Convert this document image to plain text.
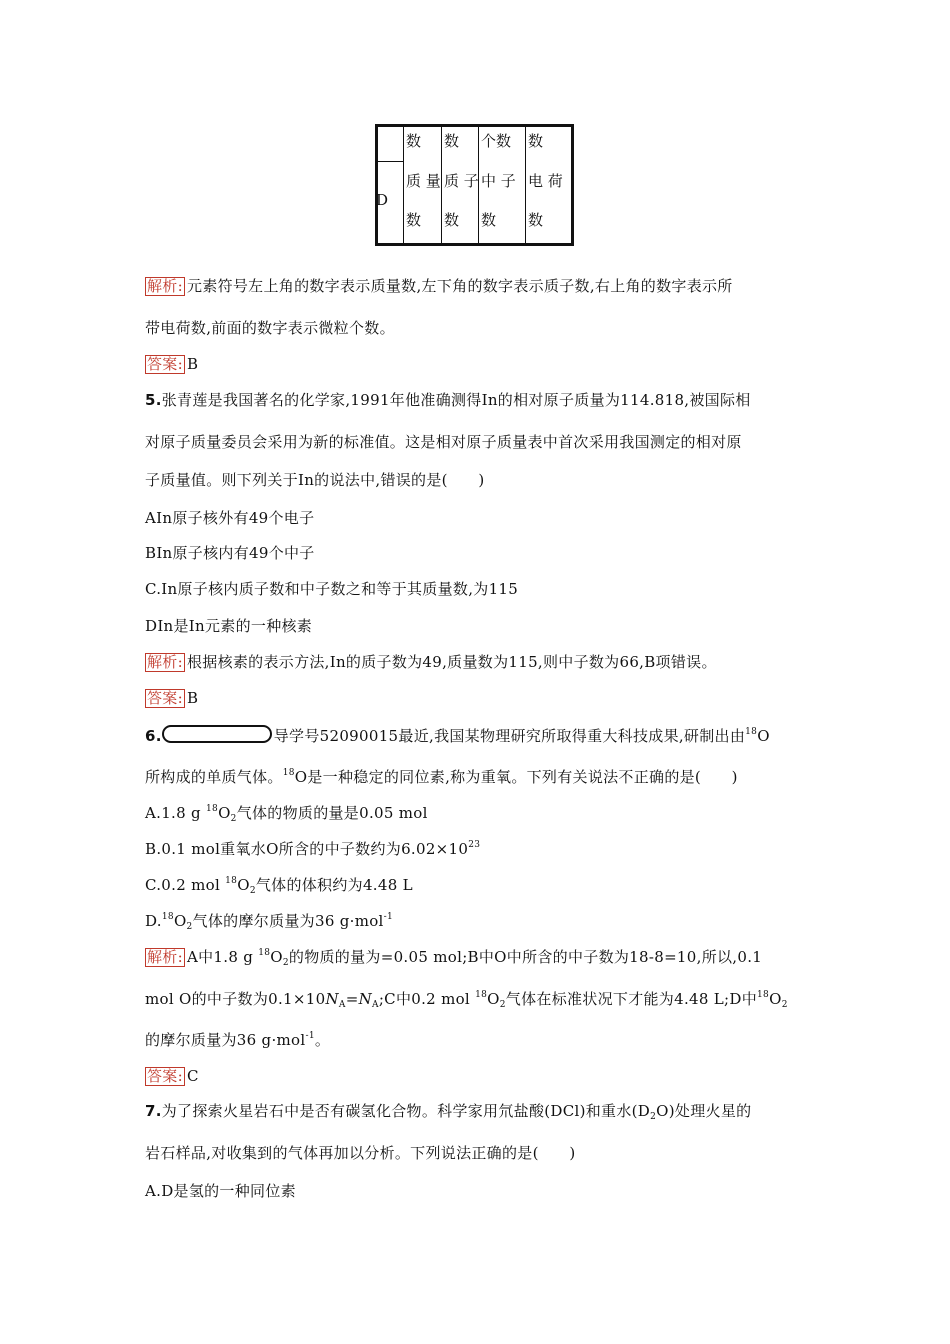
D
数 数 个数 数
质 量 质 子 中 子 电 荷
数 数 数 数
解析: 元素符号左上角的数字表示质量数,左下角的数字表示质子数,右上角的数字表示所
带电荷数,前面的数字表示微粒个数。
答案: B
5.张青莲是我国著名的化学家,1991年他准确测得In的相对原子质量为114.818,被国际相
对原子质量委员会采用为新的标准值。这是相对原子质量表中首次采用我国测定的相对原
子质量值。则下列关于In的说法中,错误的是(　　)
AIn原子核外有49个电子
BIn原子核内有49个中子
C.In原子核内质子数和中子数之和等于其质量数,为115
DIn是In元素的一种核素
解析: 根据核素的表示方法,In的质子数为49,质量数为115,则中子数为66,B项错误。
答案: B
6.	导学号52090015最近,我国某物理研究所取得重大科技成果,研制出由$^{18}$O
所构成的单质气体。$^{18}$O是一种稳定的同位素,称为重氧。下列有关说法不正确的是(　　)
A.1.8 g $^{18}O_2$气体的物质的量是0.05 mol
B.0.1 mol重氧水O所含的中子数约为$6.02\times 10^{23}$
C.0.2 mol $^{18}O_2$气体的体积约为4.48 L
$D.^{18}O_2$气体的摩尔质量为36 g·mol$^{-1}$
解析: A中1.8 g $^{18}O_2$的物质的量为=0.05 mol;B中O中所含的中子数为18-8=10,所以,0.1
mol O的中子数为$0.1\times 10N_A=N_A;C$中0.2 mol $^{18}O_2$气体在标准状况下才能为4.48 L;D中$^{18}O_2$
的摩尔质量为36 g·mol$^{-1}$。
答案: C
7.为了探索火星岩石中是否有碳氢化合物。科学家用氘盐酸(DCl)和重水$(D_2O)$处理火星的
岩石样品,对收集到的气体再加以分析。下列说法正确的是(　　)
A.D是氢的一种同位素
